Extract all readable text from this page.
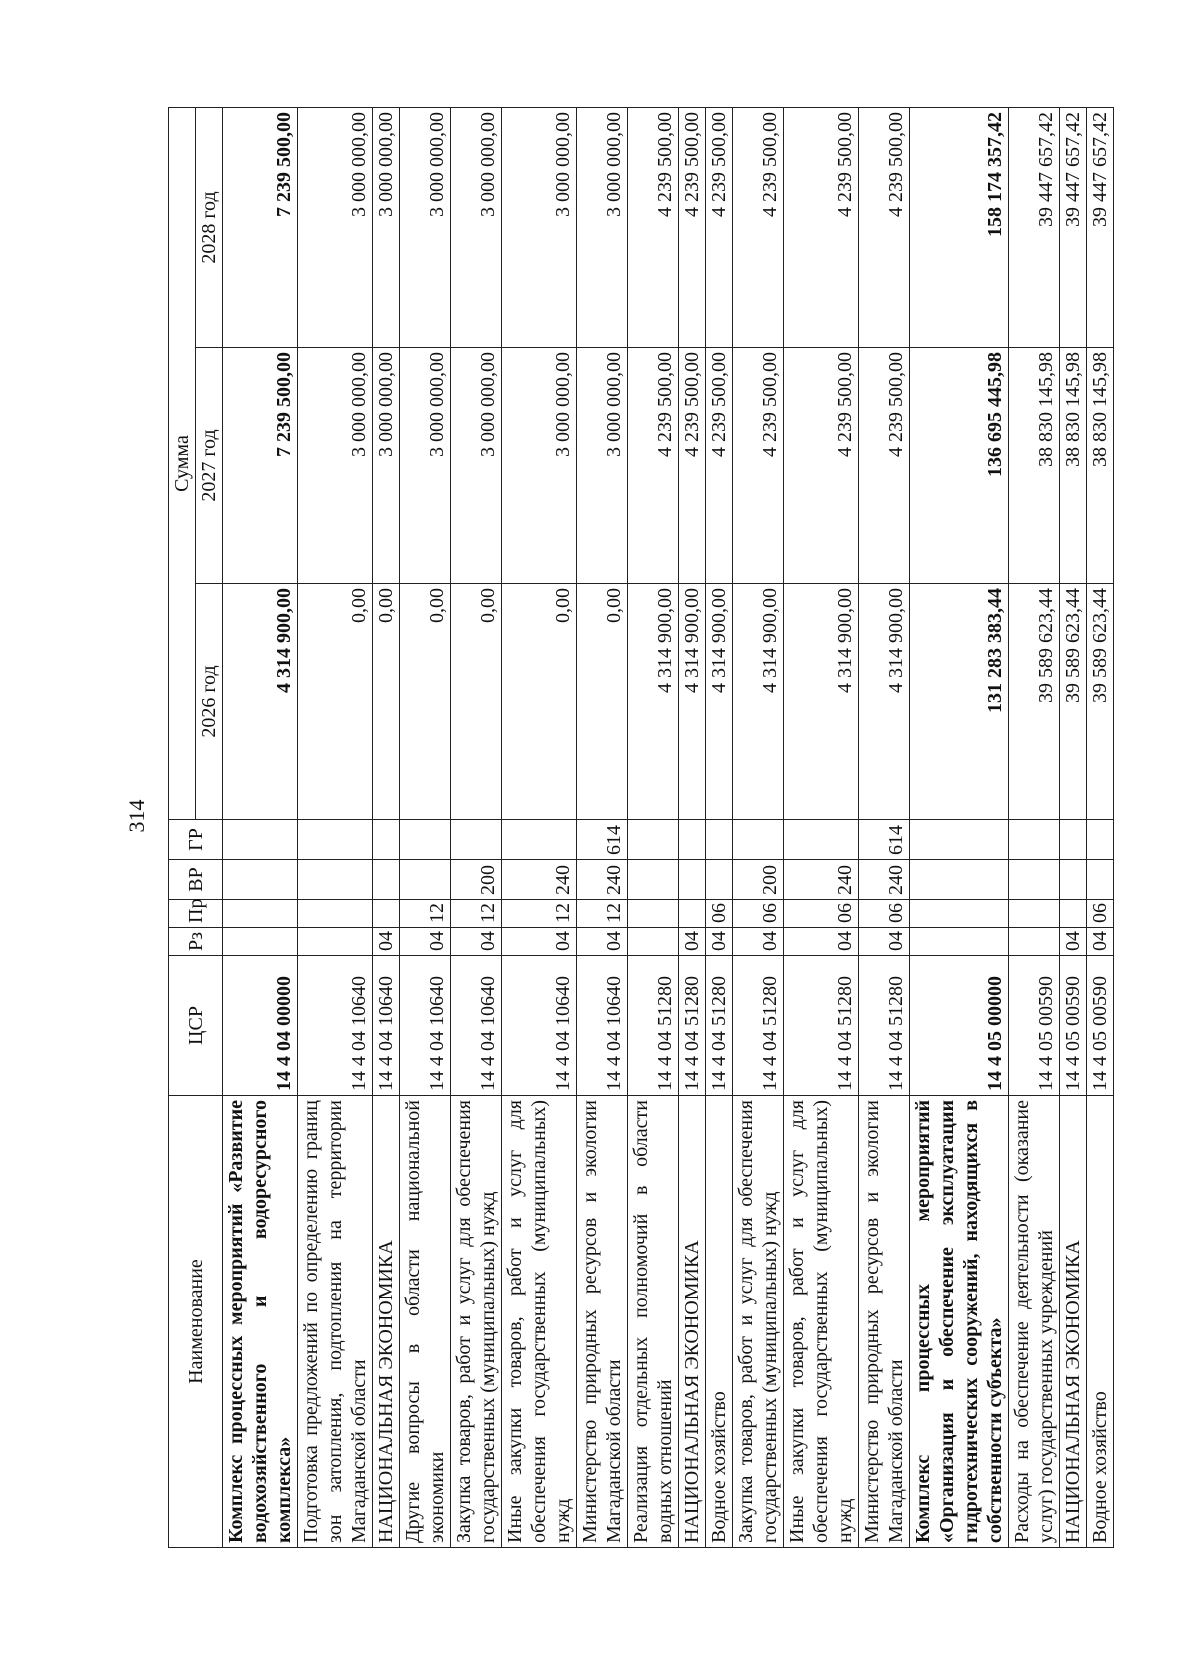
314
Наименование	ЦСР	Рз	Пр	ВР	ГР	Сумма		
						2026 год	2027 год	2028 год
Комплекс процессных мероприятий «Развитие водохозяйственного и водоресурсного комплекса»	14 4 04 00000					4 314 900,00	7 239 500,00	7 239 500,00
Подготовка предложений по определению границ зон затопления, подтопления на территории Магаданской области	14 4 04 10640					0,00	3 000 000,00	3 000 000,00
НАЦИОНАЛЬНАЯ ЭКОНОМИКА	14 4 04 10640	04				0,00	3 000 000,00	3 000 000,00
Другие вопросы в области национальной экономики	14 4 04 10640	04	12			0,00	3 000 000,00	3 000 000,00
Закупка товаров, работ и услуг для обеспечения государственных (муниципальных) нужд	14 4 04 10640	04	12	200		0,00	3 000 000,00	3 000 000,00
Иные закупки товаров, работ и услуг для обеспечения государственных (муниципальных) нужд	14 4 04 10640	04	12	240		0,00	3 000 000,00	3 000 000,00
Министерство природных ресурсов и экологии Магаданской области	14 4 04 10640	04	12	240	614	0,00	3 000 000,00	3 000 000,00
Реализация отдельных полномочий в области водных отношений	14 4 04 51280					4 314 900,00	4 239 500,00	4 239 500,00
НАЦИОНАЛЬНАЯ ЭКОНОМИКА	14 4 04 51280	04				4 314 900,00	4 239 500,00	4 239 500,00
Водное хозяйство	14 4 04 51280	04	06			4 314 900,00	4 239 500,00	4 239 500,00
Закупка товаров, работ и услуг для обеспечения государственных (муниципальных) нужд	14 4 04 51280	04	06	200		4 314 900,00	4 239 500,00	4 239 500,00
Иные закупки товаров, работ и услуг для обеспечения государственных (муниципальных) нужд	14 4 04 51280	04	06	240		4 314 900,00	4 239 500,00	4 239 500,00
Министерство природных ресурсов и экологии Магаданской области	14 4 04 51280	04	06	240	614	4 314 900,00	4 239 500,00	4 239 500,00
Комплекс процессных мероприятий «Организация и обеспечение эксплуатации гидротехнических сооружений, находящихся в собственности субъекта»	14 4 05 00000					131 283 383,44	136 695 445,98	158 174 357,42
Расходы на обеспечение деятельности (оказание услуг) государственных учреждений	14 4 05 00590					39 589 623,44	38 830 145,98	39 447 657,42
НАЦИОНАЛЬНАЯ ЭКОНОМИКА	14 4 05 00590	04				39 589 623,44	38 830 145,98	39 447 657,42
Водное хозяйство	14 4 05 00590	04	06			39 589 623,44	38 830 145,98	39 447 657,42
